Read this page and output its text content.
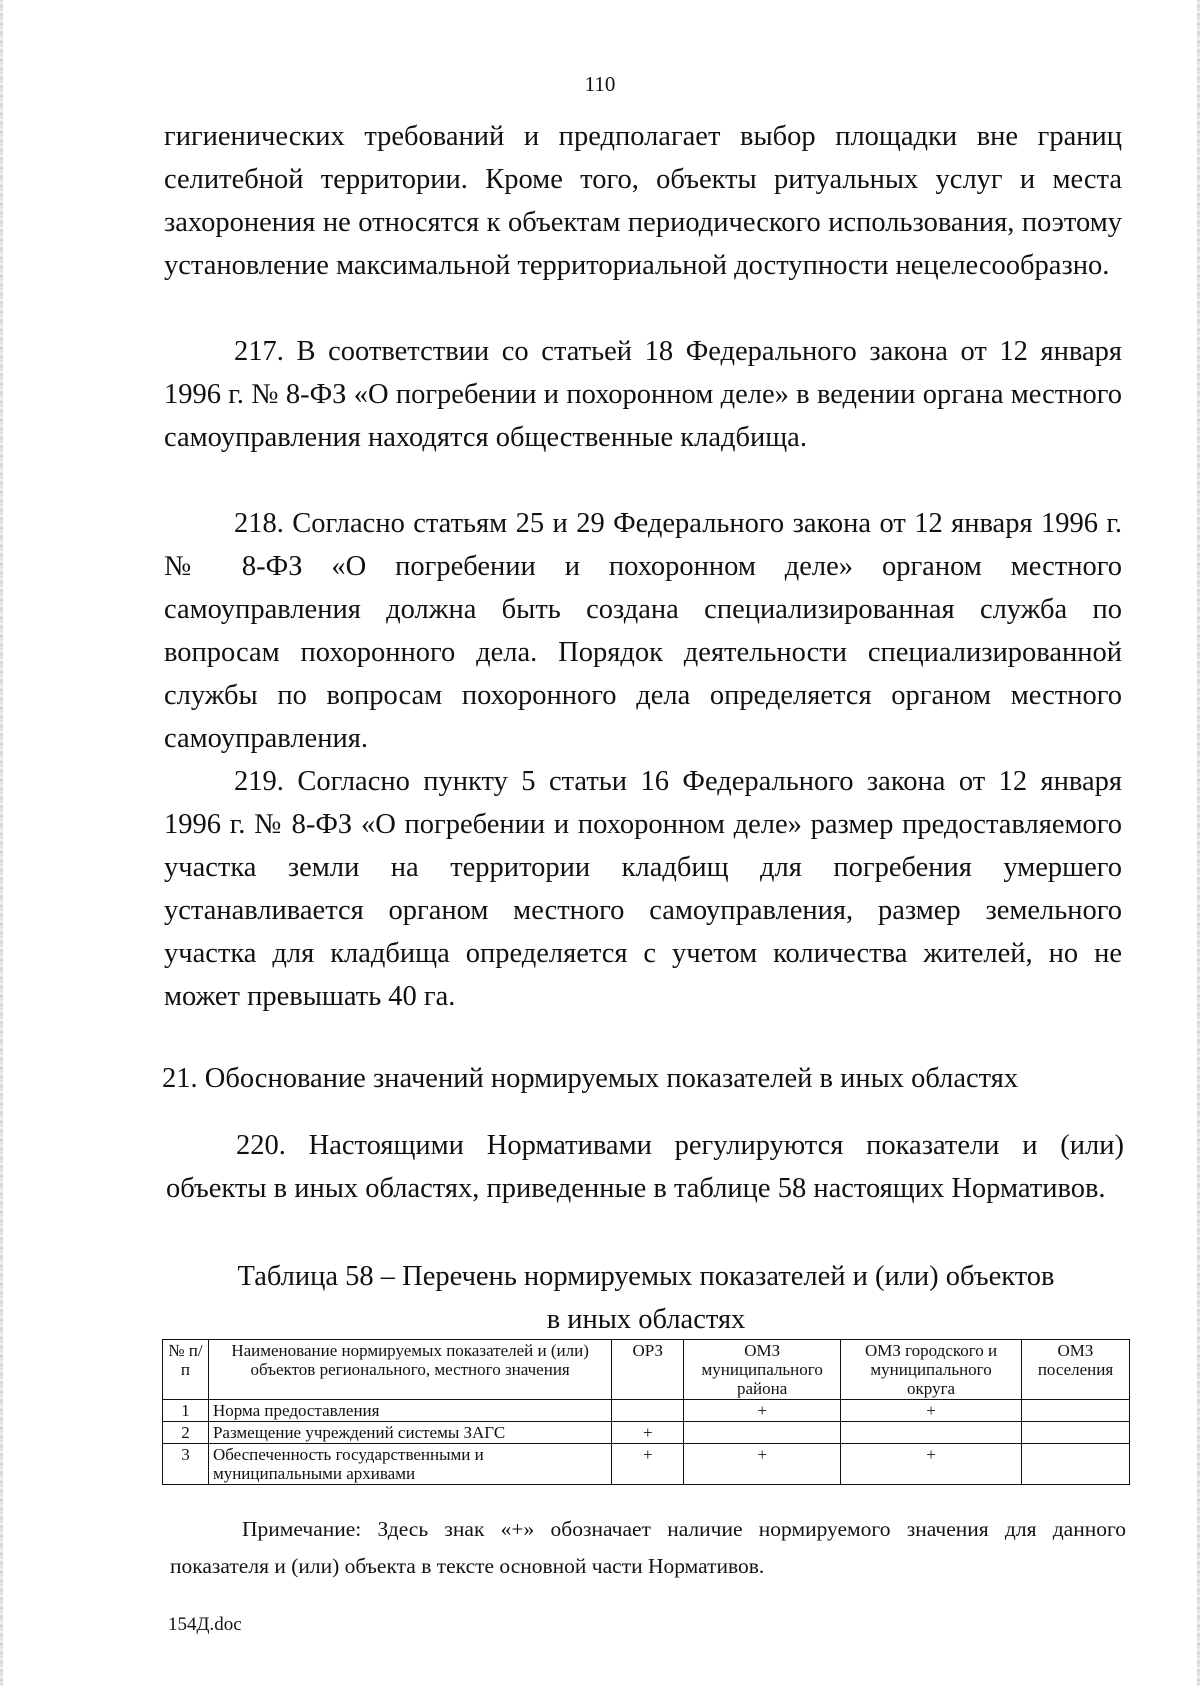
110
гигиенических требований и предполагает выбор площадки вне границ селитебной территории. Кроме того, объекты ритуальных услуг и места захоронения не относятся к объектам периодического использования, поэтому установление максимальной территориальной доступности нецелесообразно.
217. В соответствии со статьей 18 Федерального закона от 12 января 1996 г. № 8-ФЗ «О погребении и похоронном деле» в ведении органа местного самоуправления находятся общественные кладбища.
218. Согласно статьям 25 и 29 Федерального закона от 12 января 1996 г. № 8-ФЗ «О погребении и похоронном деле» органом местного самоуправления должна быть создана специализированная служба по вопросам похоронного дела. Порядок деятельности специализированной службы по вопросам похоронного дела определяется органом местного самоуправления.
219. Согласно пункту 5 статьи 16 Федерального закона от 12 января 1996 г. № 8-ФЗ «О погребении и похоронном деле» размер предоставляемого участка земли на территории кладбищ для погребения умершего устанавливается органом местного самоуправления, размер земельного участка для кладбища определяется с учетом количества жителей, но не может превышать 40 га.
21. Обоснование значений нормируемых показателей в иных областях
220. Настоящими Нормативами регулируются показатели и (или) объекты в иных областях, приведенные в таблице 58 настоящих Нормативов.
Таблица 58 – Перечень нормируемых показателей и (или) объектов
в иных областях
№ п/п	Наименование нормируемых показателей и (или) объектов регионального, местного значения	ОРЗ	ОМЗ муниципального района	ОМЗ городского и муниципального округа	ОМЗ поселения
1	Норма предоставления		+	+	
2	Размещение учреждений системы ЗАГС	+			
3	Обеспеченность государственными и муниципальными архивами	+	+	+	
Примечание: Здесь знак «+» обозначает наличие нормируемого значения для данного показателя и (или) объекта в тексте основной части Нормативов.
154Д.doc
